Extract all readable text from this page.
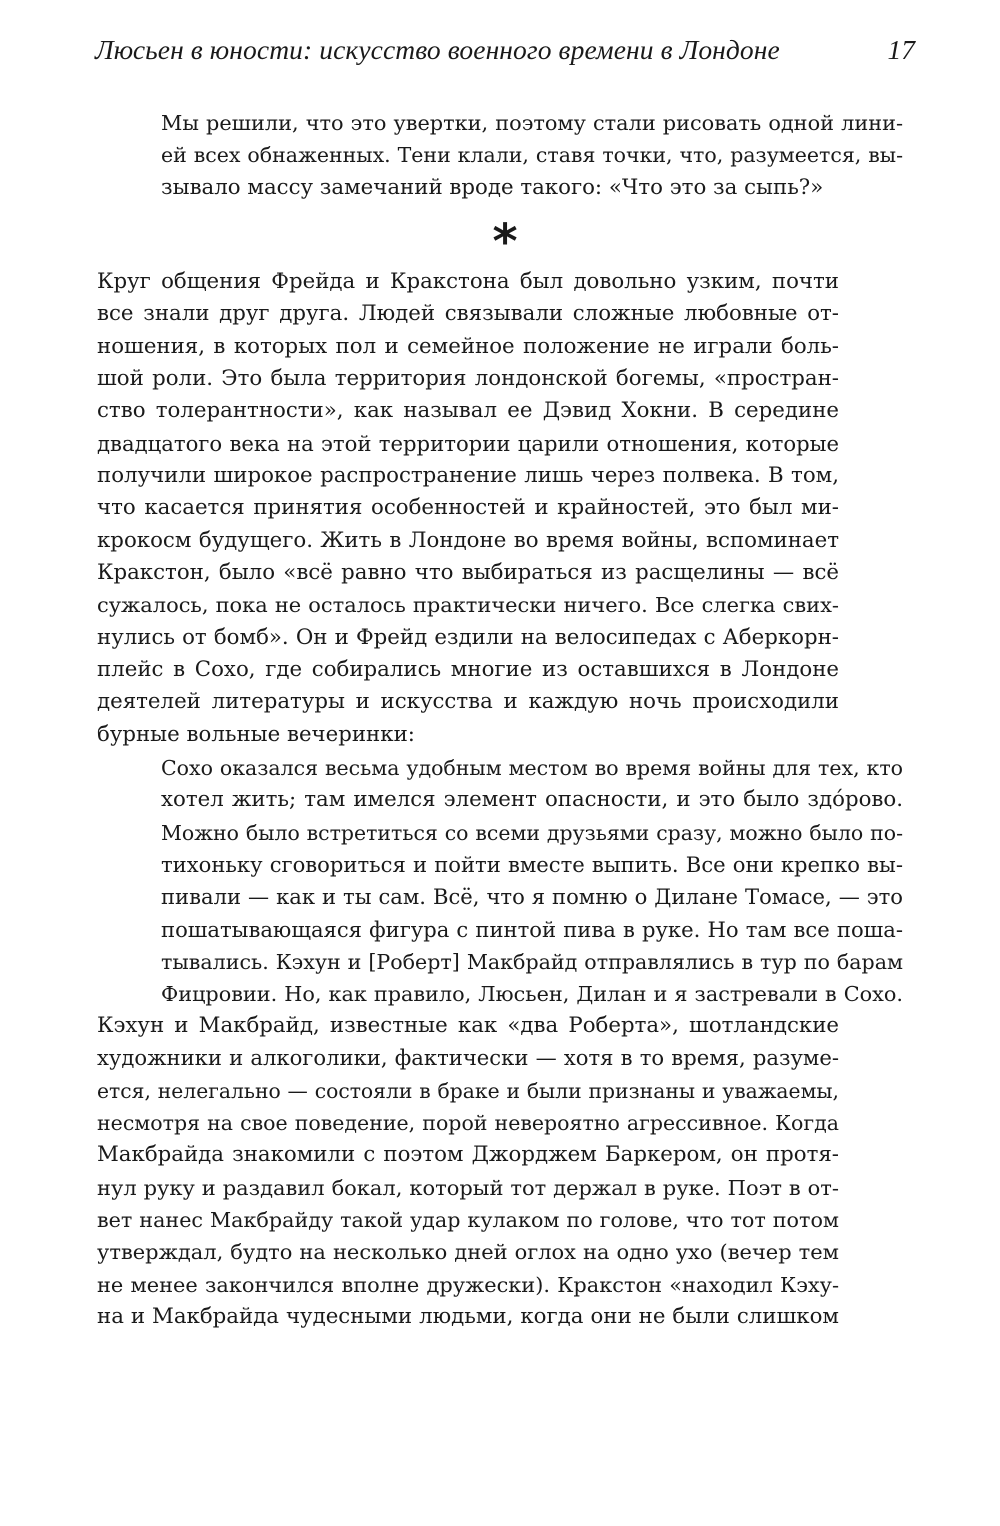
Люсьен в юности: искусство военного времени в Лондоне	17
Мы решили, что это увертки, поэтому стали рисовать одной лини-
ей всех обнаженных. Тени клали, ставя точки, что, разумеется, вы-
зывало массу замечаний вроде такого: «Что это за сыпь?»
*
Круг общения Фрейда и Кракстона был довольно узким, почти
все знали друг друга. Людей связывали сложные любовные от-
ношения, в которых пол и семейное положение не играли боль-
шой роли. Это была территория лондонской богемы, «простран-
ство толерантности», как называл ее Дэвид Хокни. В середине
двадцатого века на этой территории царили отношения, которые
получили широкое распространение лишь через полвека. В том,
что касается принятия особенностей и крайностей, это был ми-
крокосм будущего. Жить в Лондоне во время войны, вспоминает
Кракстон, было «всё равно что выбираться из расщелины — всё
сужалось, пока не осталось практически ничего. Все слегка свих-
нулись от бомб». Он и Фрейд ездили на велосипедах с Аберкорн-
плейс в Сохо, где собирались многие из оставшихся в Лондоне
деятелей литературы и искусства и каждую ночь происходили
бурные вольные вечеринки:
Сохо оказался весьма удобным местом во время войны для тех, кто
хотел жить; там имелся элемент опасности, и это было здóрово.
Можно было встретиться со всеми друзьями сразу, можно было по-
тихоньку сговориться и пойти вместе выпить. Все они крепко вы-
пивали — как и ты сам. Всё, что я помню о Дилане Томасе, — это
пошатывающаяся фигура с пинтой пива в руке. Но там все поша-
тывались. Кэхун и [Роберт] Макбрайд отправлялись в тур по барам
Фицровии. Но, как правило, Люсьен, Дилан и я застревали в Сохо.
Кэхун и Макбрайд, известные как «два Роберта», шотландские
художники и алкоголики, фактически — хотя в то время, разуме-
ется, нелегально — состояли в браке и были признаны и уважаемы,
несмотря на свое поведение, порой невероятно агрессивное. Когда
Макбрайда знакомили с поэтом Джорджем Баркером, он протя-
нул руку и раздавил бокал, который тот держал в руке. Поэт в от-
вет нанес Макбрайду такой удар кулаком по голове, что тот потом
утверждал, будто на несколько дней оглох на одно ухо (вечер тем
не менее закончился вполне дружески). Кракстон «находил Кэху-
на и Макбрайда чудесными людьми, когда они не были слишком
